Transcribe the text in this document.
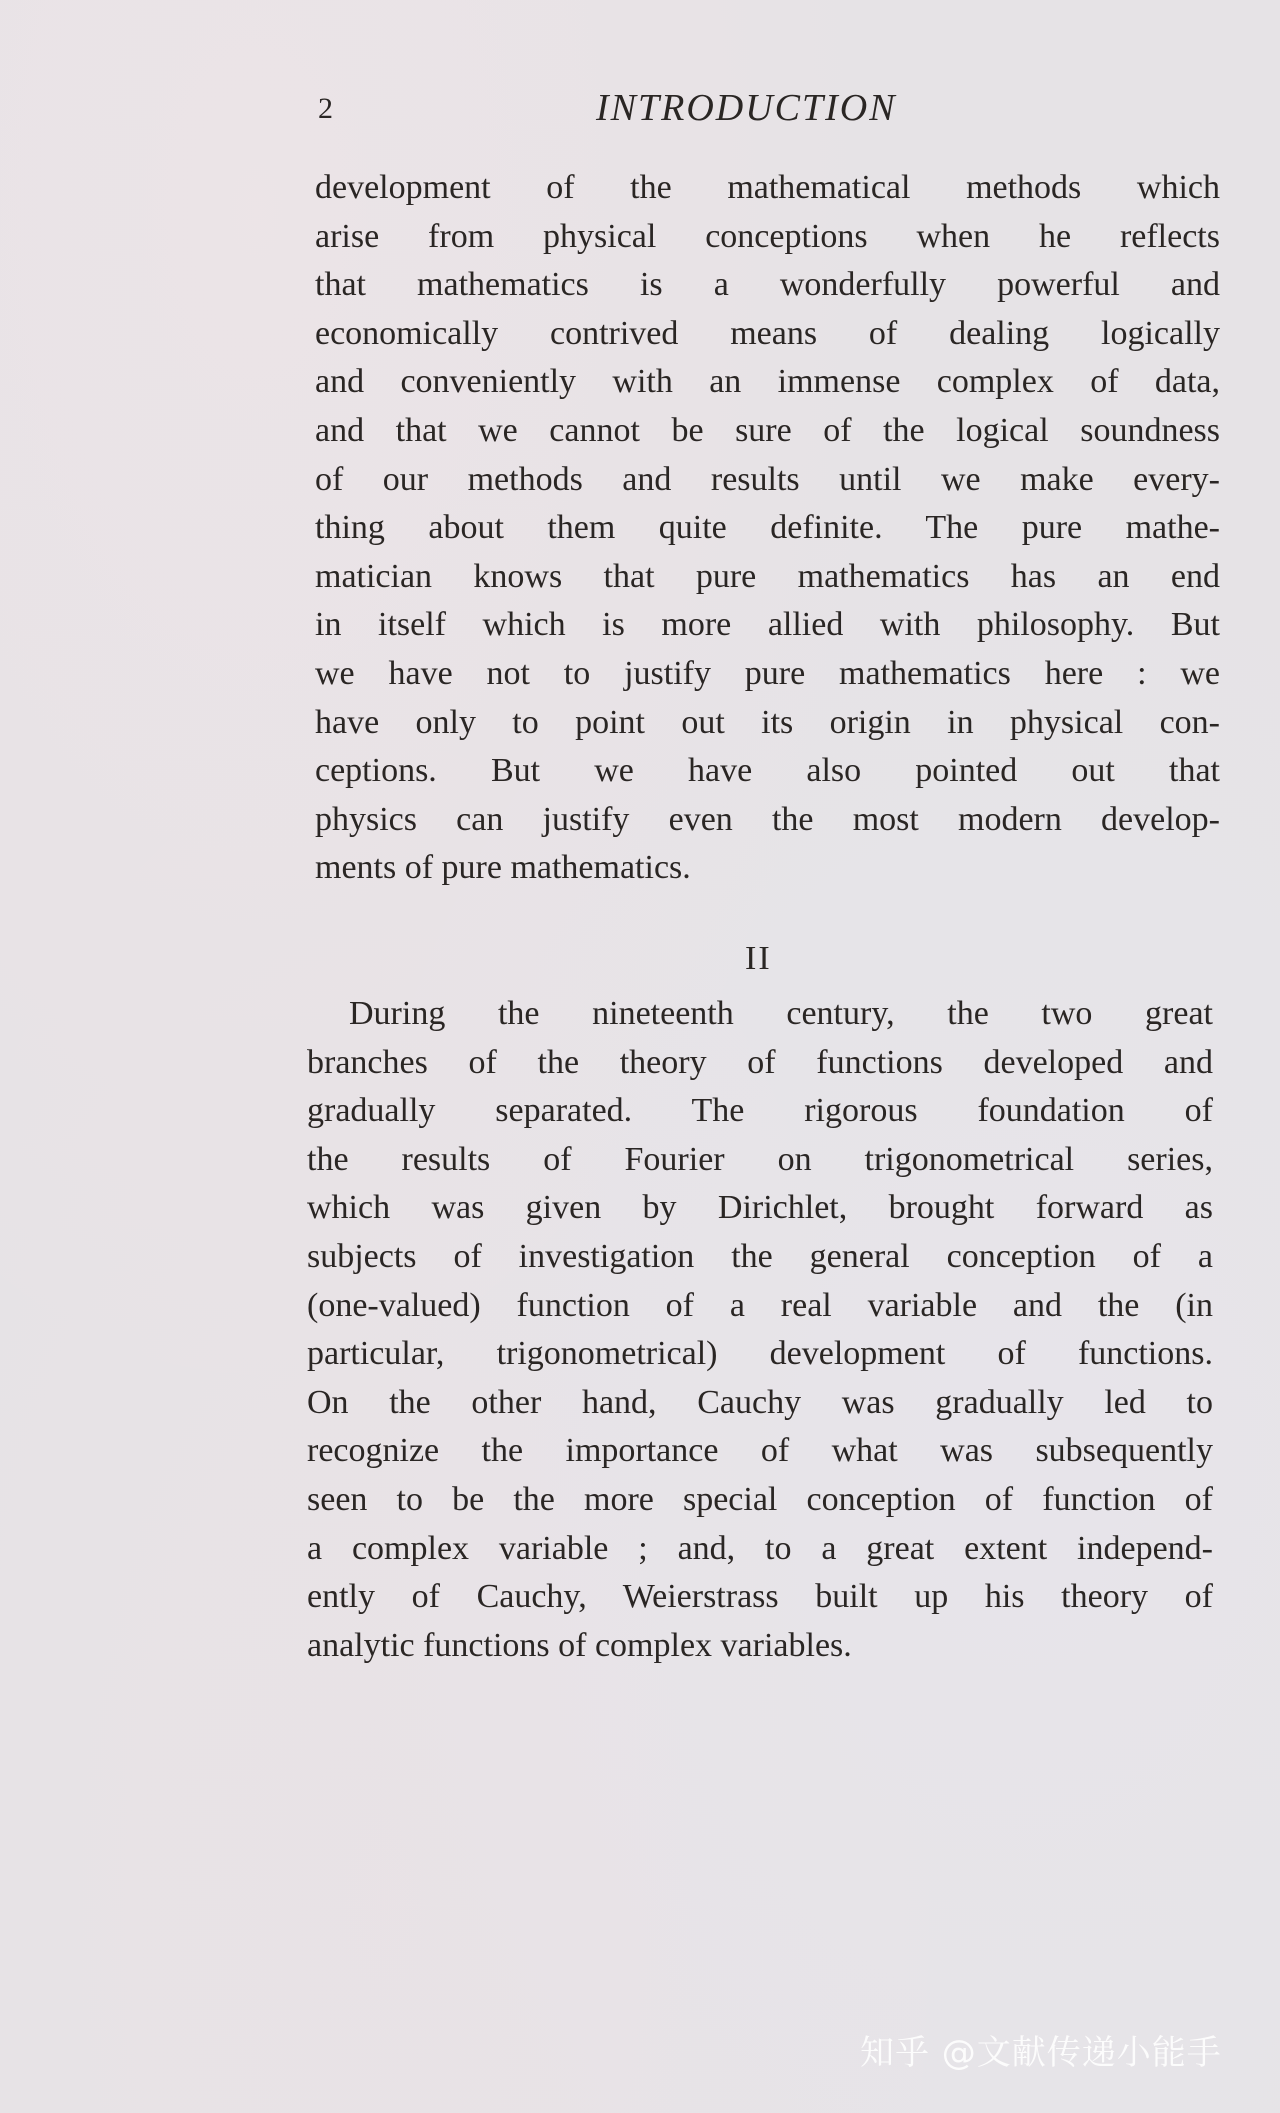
2	INTRODUCTION

development of the mathematical methods which
arise from physical conceptions when he reflects
that mathematics is a wonderfully powerful and
economically contrived means of dealing logically
and conveniently with an immense complex of data,
and that we cannot be sure of the logical soundness
of our methods and results until we make every-
thing about them quite definite. The pure mathe-
matician knows that pure mathematics has an end
in itself which is more allied with philosophy. But
we have not to justify pure mathematics here : we
have only to point out its origin in physical con-
ceptions. But we have also pointed out that
physics can justify even the most modern develop-
ments of pure mathematics.

II

During the nineteenth century, the two great
branches of the theory of functions developed and
gradually separated. The rigorous foundation of
the results of Fourier on trigonometrical series,
which was given by Dirichlet, brought forward as
subjects of investigation the general conception of a
(one-valued) function of a real variable and the (in
particular, trigonometrical) development of functions.
On the other hand, Cauchy was gradually led to
recognize the importance of what was subsequently
seen to be the more special conception of function of
a complex variable ; and, to a great extent independ-
ently of Cauchy, Weierstrass built up his theory of
analytic functions of complex variables.

知乎 @文献传递小能手
